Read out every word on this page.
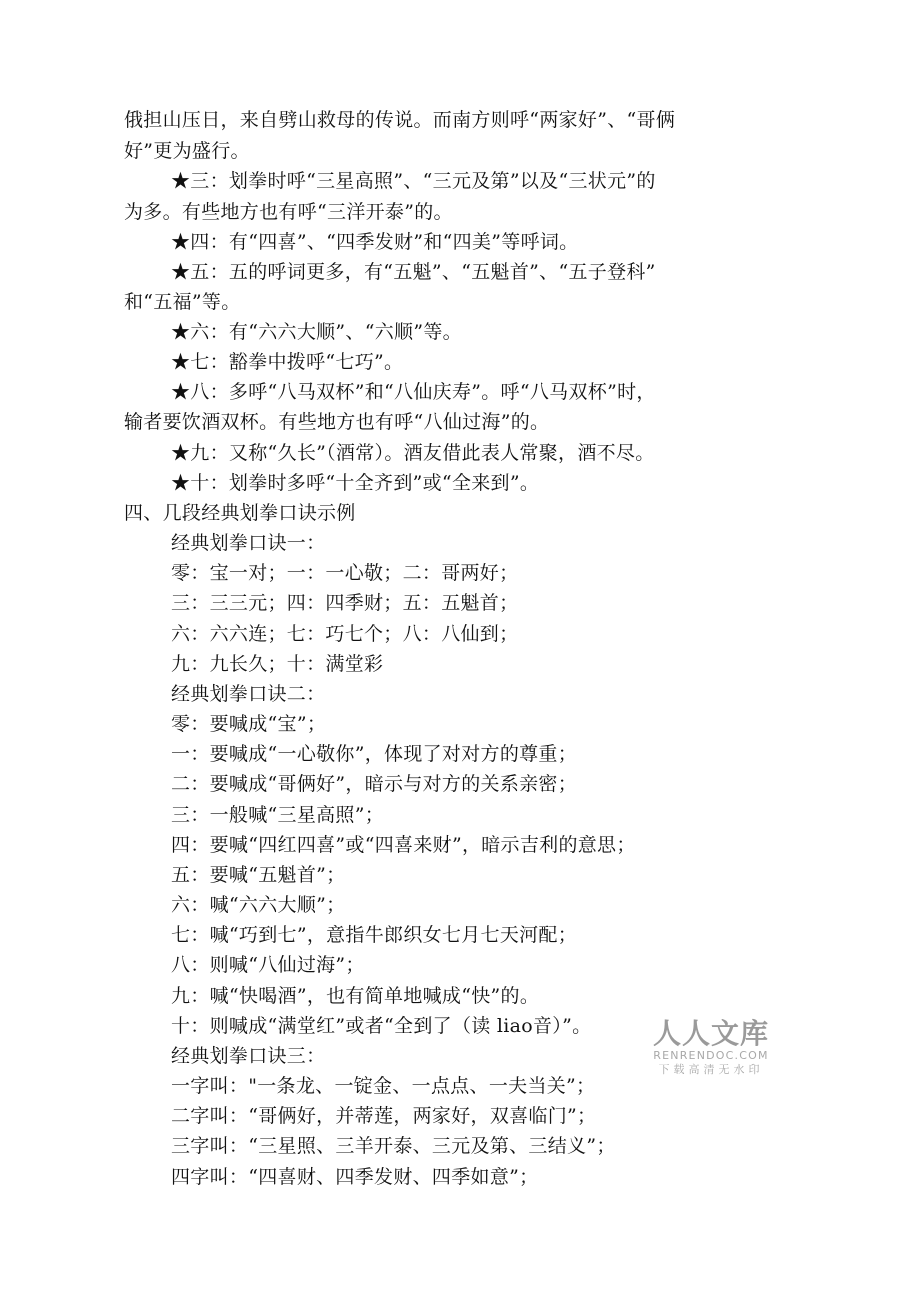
俄担山压日，来自劈山救母的传说。而南方则呼“两家好”、“哥俩
好”更为盛行。
★三：划拳时呼“三星高照”、“三元及第”以及“三状元”的
为多。有些地方也有呼“三洋开泰”的。
★四：有“四喜”、“四季发财”和“四美”等呼词。
★五：五的呼词更多，有“五魁”、“五魁首”、“五子登科”
和“五福”等。
★六：有“六六大顺”、“六顺”等。
★七：豁拳中拨呼“七巧”。
★八：多呼“八马双杯”和“八仙庆寿”。呼“八马双杯”时，
输者要饮酒双杯。有些地方也有呼“八仙过海”的。
★九：又称“久长”（酒常）。酒友借此表人常聚，酒不尽。
★十：划拳时多呼“十全齐到”或“全来到”。
四、几段经典划拳口诀示例
经典划拳口诀一：
零：宝一对；一：一心敬；二：哥两好；
三：三三元；四：四季财；五：五魁首；
六：六六连；七：巧七个；八：八仙到；
九：九长久；十：满堂彩
经典划拳口诀二：
零：要喊成“宝”；
一：要喊成“一心敬你”，体现了对对方的尊重；
二：要喊成“哥俩好”，暗示与对方的关系亲密；
三：一般喊“三星高照”；
四：要喊“四红四喜”或“四喜来财”，暗示吉利的意思；
五：要喊“五魁首”；
六：喊“六六大顺”；
七：喊“巧到七”，意指牛郎织女七月七天河配；
八：则喊“八仙过海”；
九：喊“快喝酒”，也有简单地喊成“快”的。
十：则喊成“满堂红”或者“全到了（读 liao音）”。
经典划拳口诀三：
一字叫："一条龙、一锭金、一点点、一夫当关”；
二字叫：“哥俩好，并蒂莲，两家好，双喜临门”；
三字叫：“三星照、三羊开泰、三元及第、三结义”；
四字叫：“四喜财、四季发财、四季如意”；
人人文库
RENRENDOC.COM
下载高清无水印
